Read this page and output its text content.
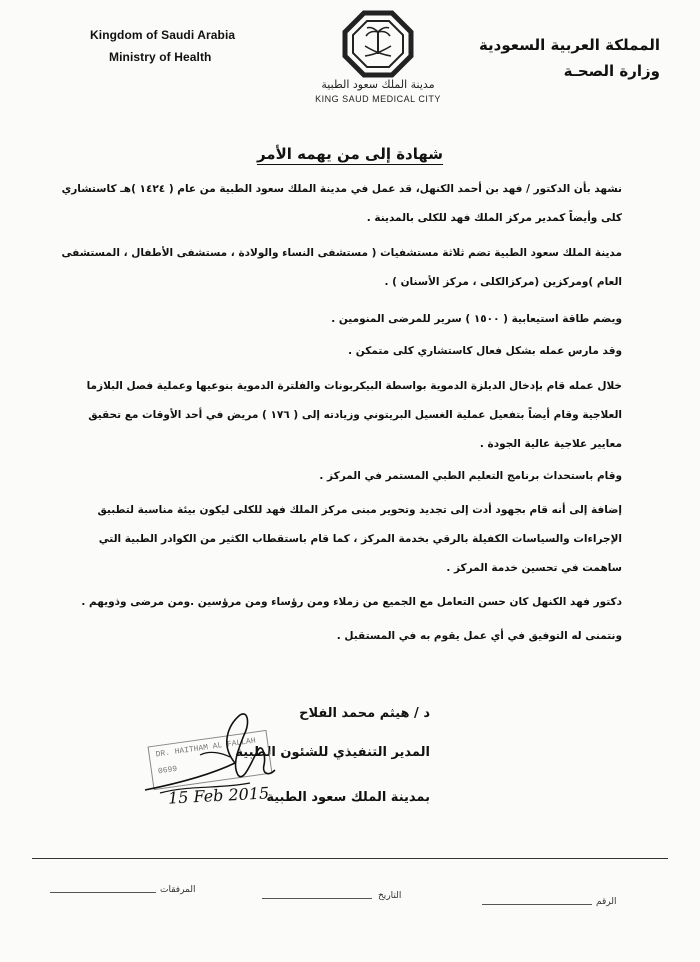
Kingdom of Saudi Arabia
Ministry of Health
المملكة العربية السعودية
وزارة الصحـة
مدينة الملك سعود الطبية
KING SAUD MEDICAL CITY
شهادة إلى من يهمه الأمر
نشهد بأن الدكتور / فهد بن أحمد الكنهل، قد عمل في مدينة الملك سعود الطبية من عام ( ١٤٢٤ )هـ كاستشاري
كلى وأيضاً كمدير مركز الملك فهد للكلى بالمدينة .
مدينة الملك سعود الطبية تضم ثلاثة مستشفيات ( مستشفى النساء والولادة ، مستشفى الأطفال ، المستشفى
العام )ومركزين (مركزالكلى ، مركز الأسنان ) .
ويضم طاقة استيعابية ( ١٥٠٠ ) سرير للمرضى المنومين .
وقد مارس عمله بشكل فعال كاستشاري كلى متمكن .
خلال عمله قام بإدخال الديلزة الدموية بواسطة البيكربونات والفلترة الدموية بنوعيها وعملية فصل البلازما
العلاجية وقام أيضاً بتفعيل عملية الغسيل البريتوني وزيادته إلى ( ١٧٦ ) مريض في أحد الأوقات مع تحقيق
معايير علاجية عالية الجودة .
وقام باستحداث برنامج التعليم الطبي المستمر في المركز .
إضافة إلى أنه قام بجهود أدت إلى تجديد وتحوير مبنى مركز الملك فهد للكلى ليكون بيئة مناسبة لتطبيق
الإجراءات والسياسات الكفيلة بالرقي بخدمة المركز ، كما قام باستقطاب الكثير من الكوادر الطبية التي
ساهمت في تحسين خدمة المركز .
دكتور فهد الكنهل كان حسن التعامل مع الجميع من زملاء ومن رؤساء ومن مرؤسين .ومن مرضى وذويهم .
ونتمنى له التوفيق في أي عمل يقوم به في المستقبل .
د / هيثم محمد الفلاح
المدير التنفيذي للشئون الطبية
بمدينة الملك سعود الطبية
DR. HAITHAM AL FALLAH
0699
15 Feb 2015
الرقم
التاريخ
المرفقات
